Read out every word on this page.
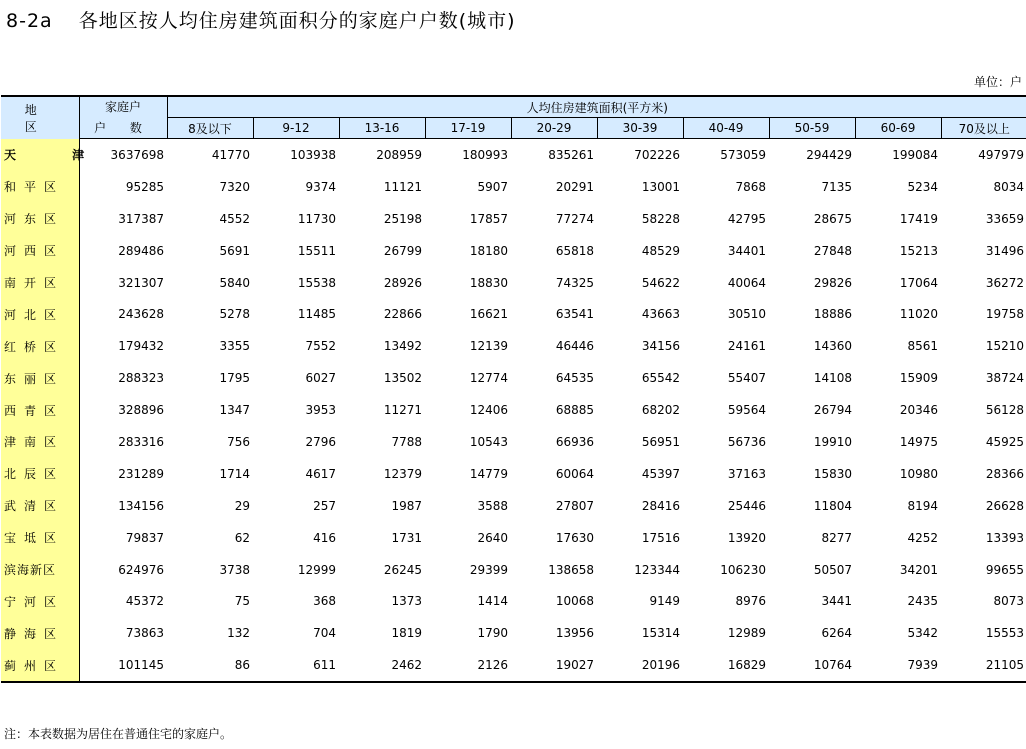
8-2a 各地区按人均住房建筑面积分的家庭户户数(城市)
单位：户
地 区	家庭户	人均住房建筑面积(平方米)									
	户 数	8及以下	9-12	13-16	17-19	20-29	30-39	40-49	50-59	60-69	70及以上
天 津	3637698	41770	103938	208959	180993	835261	702226	573059	294429	199084	497979
和平区	95285	7320	9374	11121	5907	20291	13001	7868	7135	5234	8034
河东区	317387	4552	11730	25198	17857	77274	58228	42795	28675	17419	33659
河西区	289486	5691	15511	26799	18180	65818	48529	34401	27848	15213	31496
南开区	321307	5840	15538	28926	18830	74325	54622	40064	29826	17064	36272
河北区	243628	5278	11485	22866	16621	63541	43663	30510	18886	11020	19758
红桥区	179432	3355	7552	13492	12139	46446	34156	24161	14360	8561	15210
东丽区	288323	1795	6027	13502	12774	64535	65542	55407	14108	15909	38724
西青区	328896	1347	3953	11271	12406	68885	68202	59564	26794	20346	56128
津南区	283316	756	2796	7788	10543	66936	56951	56736	19910	14975	45925
北辰区	231289	1714	4617	12379	14779	60064	45397	37163	15830	10980	28366
武清区	134156	29	257	1987	3588	27807	28416	25446	11804	8194	26628
宝坻区	79837	62	416	1731	2640	17630	17516	13920	8277	4252	13393
滨海新区	624976	3738	12999	26245	29399	138658	123344	106230	50507	34201	99655
宁河区	45372	75	368	1373	1414	10068	9149	8976	3441	2435	8073
静海区	73863	132	704	1819	1790	13956	15314	12989	6264	5342	15553
蓟州区	101145	86	611	2462	2126	19027	20196	16829	10764	7939	21105
注：本表数据为居住在普通住宅的家庭户。
